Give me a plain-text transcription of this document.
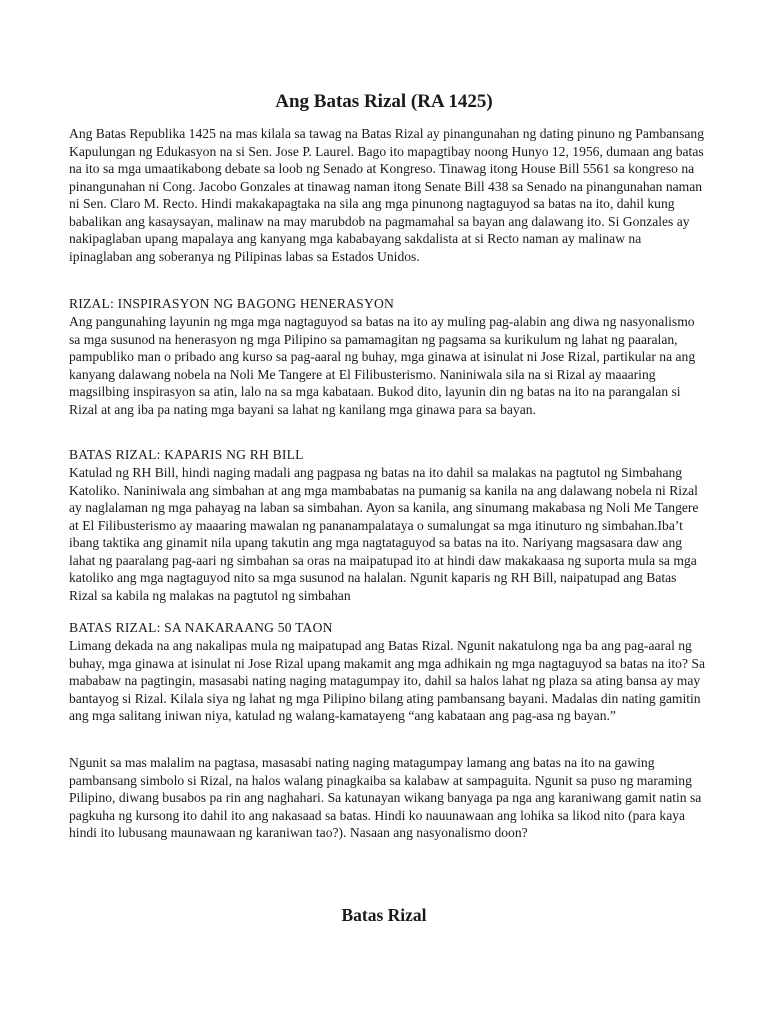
Ang Batas Rizal (RA 1425)

Ang Batas Republika 1425 na mas kilala sa tawag na Batas Rizal ay pinangunahan ng dating pinuno ng Pambansang Kapulungan ng Edukasyon na si Sen. Jose P. Laurel. Bago ito mapagtibay noong Hunyo 12, 1956, dumaan ang batas na ito sa mga umaatikabong debate sa loob ng Senado at Kongreso. Tinawag itong House Bill 5561 sa kongreso na pinangunahan ni Cong. Jacobo Gonzales at tinawag naman itong Senate Bill 438 sa Senado na pinangunahan naman ni Sen. Claro M. Recto. Hindi makakapagtaka na sila ang mga pinunong nagtaguyod sa batas na ito, dahil kung babalikan ang kasaysayan, malinaw na may marubdob na pagmamahal sa bayan ang dalawang ito. Si Gonzales ay nakipaglaban upang mapalaya ang kanyang mga kababayang sakdalista at si Recto naman ay malinaw na ipinaglaban ang soberanya ng Pilipinas labas sa Estados Unidos.

RIZAL: INSPIRASYON NG BAGONG HENERASYON

Ang pangunahing layunin ng mga mga nagtaguyod sa batas na ito ay muling pag-alabin ang diwa ng nasyonalismo sa mga susunod na henerasyon ng mga Pilipino sa pamamagitan ng pagsama sa kurikulum ng lahat ng paaralan, pampubliko man o pribado ang kurso sa pag-aaral ng buhay, mga ginawa at isinulat ni Jose Rizal, partikular na ang kanyang dalawang nobela na Noli Me Tangere at El Filibusterismo. Naniniwala sila na si Rizal ay maaaring magsilbing inspirasyon sa atin, lalo na sa mga kabataan. Bukod dito, layunin din ng batas na ito na parangalan si Rizal at ang iba pa nating mga bayani sa lahat ng kanilang mga ginawa para sa bayan.

BATAS RIZAL: KAPARIS NG RH BILL

Katulad ng RH Bill, hindi naging madali ang pagpasa ng batas na ito dahil sa malakas na pagtutol ng Simbahang Katoliko. Naniniwala ang simbahan at ang mga mambabatas na pumanig sa kanila na ang dalawang nobela ni Rizal ay naglalaman ng mga pahayag na laban sa simbahan. Ayon sa kanila, ang sinumang makabasa ng Noli Me Tangere at El Filibusterismo ay maaaring mawalan ng pananampalataya o sumalungat sa mga itinuturo ng simbahan.Iba’t ibang taktika ang ginamit nila upang takutin ang mga nagtataguyod sa batas na ito. Nariyang magsasara daw ang lahat ng paaralang pag-aari ng simbahan sa oras na maipatupad ito at hindi daw makakaasa ng suporta mula sa mga katoliko ang mga nagtaguyod nito sa mga susunod na halalan. Ngunit kaparis ng RH Bill, naipatupad ang Batas Rizal sa kabila ng malakas na pagtutol ng simbahan

BATAS RIZAL: SA NAKARAANG 50 TAON

Limang dekada na ang nakalipas mula ng maipatupad ang Batas Rizal. Ngunit nakatulong nga ba ang pag-aaral ng buhay, mga ginawa at isinulat ni Jose Rizal upang makamit ang mga adhikain ng mga nagtaguyod sa batas na ito? Sa mababaw na pagtingin, masasabi nating naging matagumpay ito, dahil sa halos lahat ng plaza sa ating bansa ay may bantayog si Rizal. Kilala siya ng lahat ng mga Pilipino bilang ating pambansang bayani. Madalas din nating gamitin ang mga salitang iniwan niya, katulad ng walang-kamatayeng “ang kabataan ang pag-asa ng bayan.”

Ngunit sa mas malalim na pagtasa, masasabi nating naging matagumpay lamang ang batas na ito na gawing pambansang simbolo si Rizal, na halos walang pinagkaiba sa kalabaw at sampaguita. Ngunit sa puso ng maraming Pilipino, diwang busabos pa rin ang naghahari. Sa katunayan wikang banyaga pa nga ang karaniwang gamit natin sa pagkuha ng kursong ito dahil ito ang nakasaad sa batas. Hindi ko nauunawaan ang lohika sa likod nito (para kaya hindi ito lubusang maunawaan ng karaniwan tao?). Nasaan ang nasyonalismo doon?

Batas Rizal
